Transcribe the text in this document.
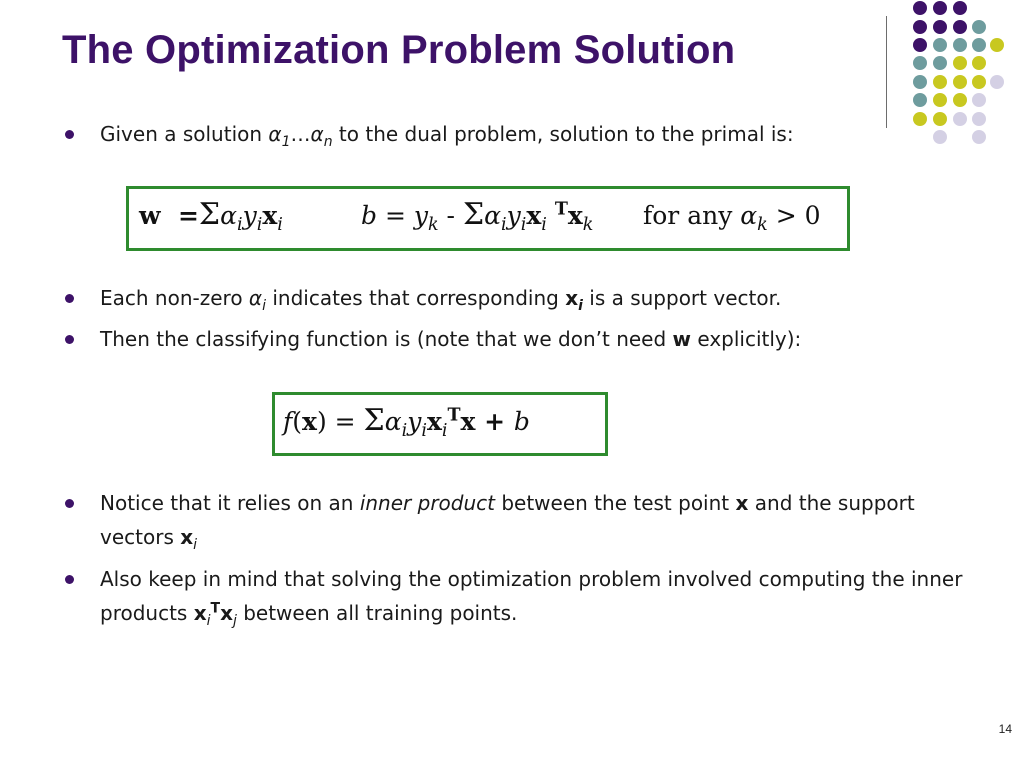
The Optimization Problem Solution
Given a solution $\alpha_1\dots\alpha_n$ to the dual problem, solution to the primal is:
$w =\Sigma\alpha_iy_ix_i$	$b = y_k - \Sigma\alpha_iy_ix_i$ $^Tx_k$ for any $\alpha_k > 0$
Each non-zero $\alpha_i$ indicates that corresponding $x_i$ is a support vector.
Then the classifying function is (note that we don’t need w explicitly):
$f(x) = \Sigma\alpha_iy_ix_i^Tx + b$
Notice that it relies on an inner product between the test point x and the support vectors $x_i$
Also keep in mind that solving the optimization problem involved computing the inner products $x_i^Tx_j$ between all training points.
14
